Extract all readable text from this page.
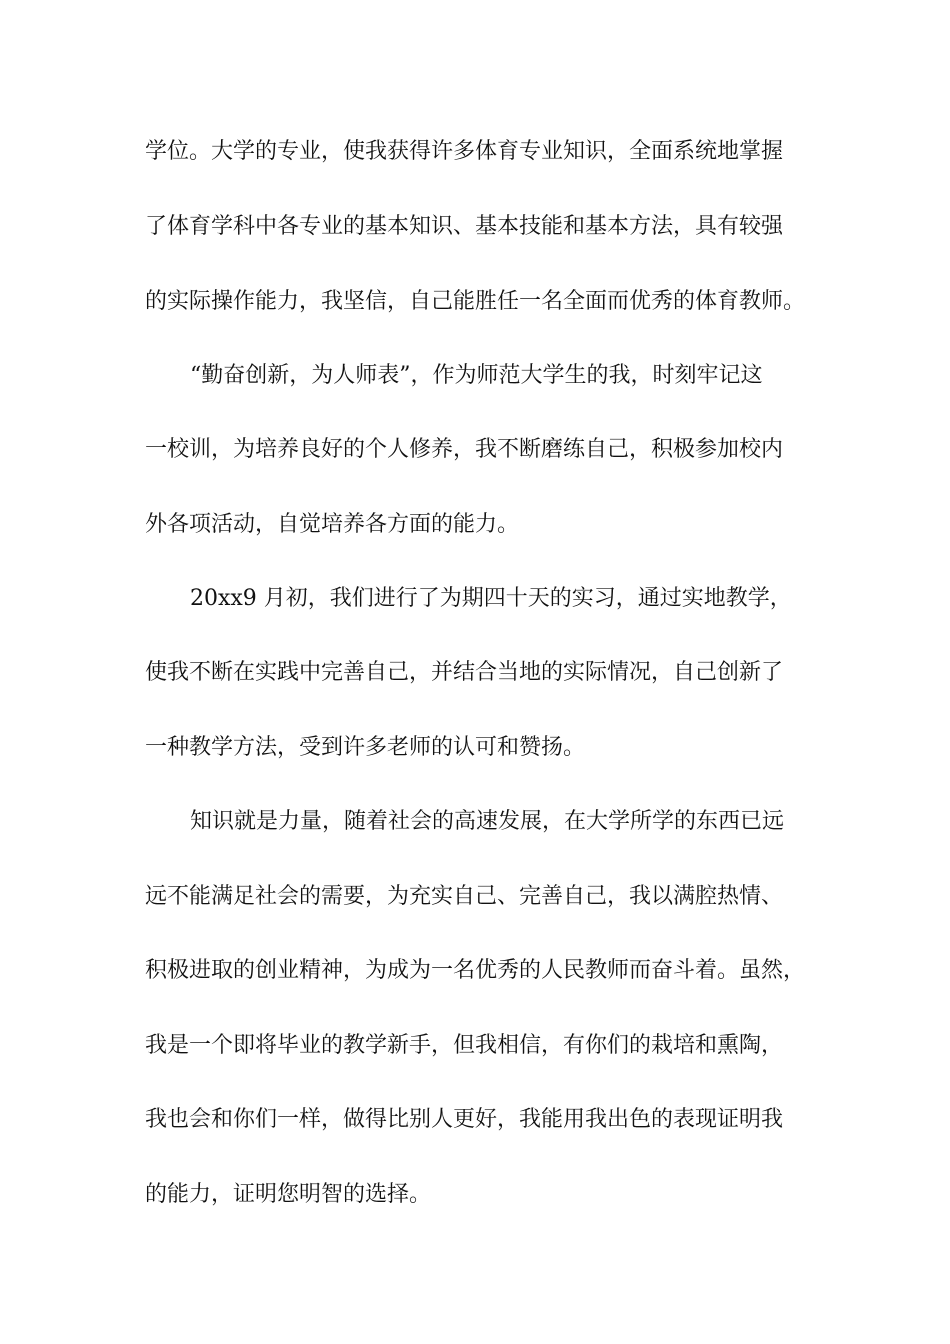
学位。大学的专业，使我获得许多体育专业知识，全面系统地掌握
了体育学科中各专业的基本知识、基本技能和基本方法，具有较强
的实际操作能力，我坚信，自己能胜任一名全面而优秀的体育教师。
“勤奋创新，为人师表”，作为师范大学生的我，时刻牢记这
一校训，为培养良好的个人修养，我不断磨练自己，积极参加校内
外各项活动，自觉培养各方面的能力。
20xx9 月初，我们进行了为期四十天的实习，通过实地教学，
使我不断在实践中完善自己，并结合当地的实际情况，自己创新了
一种教学方法，受到许多老师的认可和赞扬。
知识就是力量，随着社会的高速发展，在大学所学的东西已远
远不能满足社会的需要，为充实自己、完善自己，我以满腔热情、
积极进取的创业精神，为成为一名优秀的人民教师而奋斗着。虽然，
我是一个即将毕业的教学新手，但我相信，有你们的栽培和熏陶，
我也会和你们一样，做得比别人更好，我能用我出色的表现证明我
的能力，证明您明智的选择。
